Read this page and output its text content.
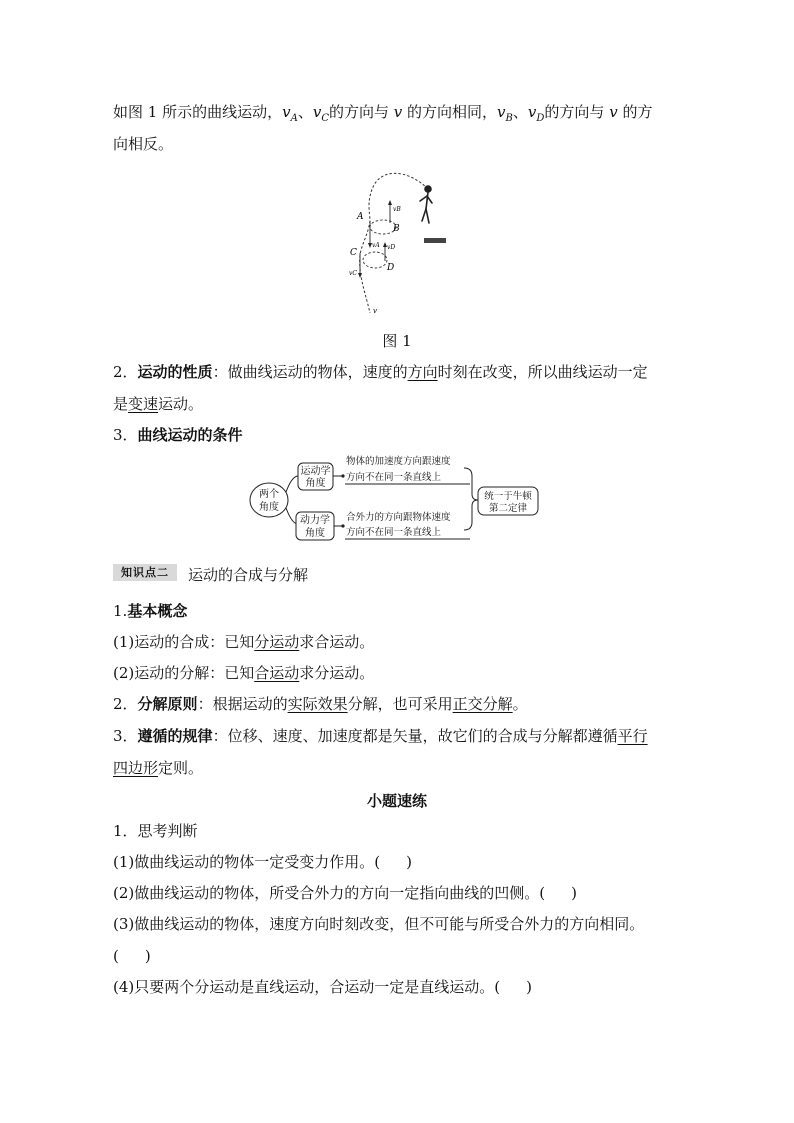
如图 1 所示的曲线运动，$v_A$、$v_C$的方向与 v 的方向相同，$v_B$、$v_D$的方向与 v 的方
向相反。
A
B
C
D
vA
vB
vC
vD
v
图 1
2．运动的性质：做曲线运动的物体，速度的方向时刻在改变，所以曲线运动一定
是变速运动。
3．曲线运动的条件
两个
角度
运动学
角度
动力学
角度
物体的加速度方向跟速度
方向不在同一条直线上
合外力的方向跟物体速度
方向不在同一条直线上
统一于牛顿
第二定律
知识点二	运动的合成与分解
1.基本概念
(1)运动的合成：已知分运动求合运动。
(2)运动的分解：已知合运动求分运动。
2．分解原则：根据运动的实际效果分解，也可采用正交分解。
3．遵循的规律：位移、速度、加速度都是矢量，故它们的合成与分解都遵循平行
四边形定则。
小题速练
1．思考判断
(1)做曲线运动的物体一定受变力作用。( )
(2)做曲线运动的物体，所受合外力的方向一定指向曲线的凹侧。( )
(3)做曲线运动的物体，速度方向时刻改变，但不可能与所受合外力的方向相同。
( )
(4)只要两个分运动是直线运动，合运动一定是直线运动。( )
